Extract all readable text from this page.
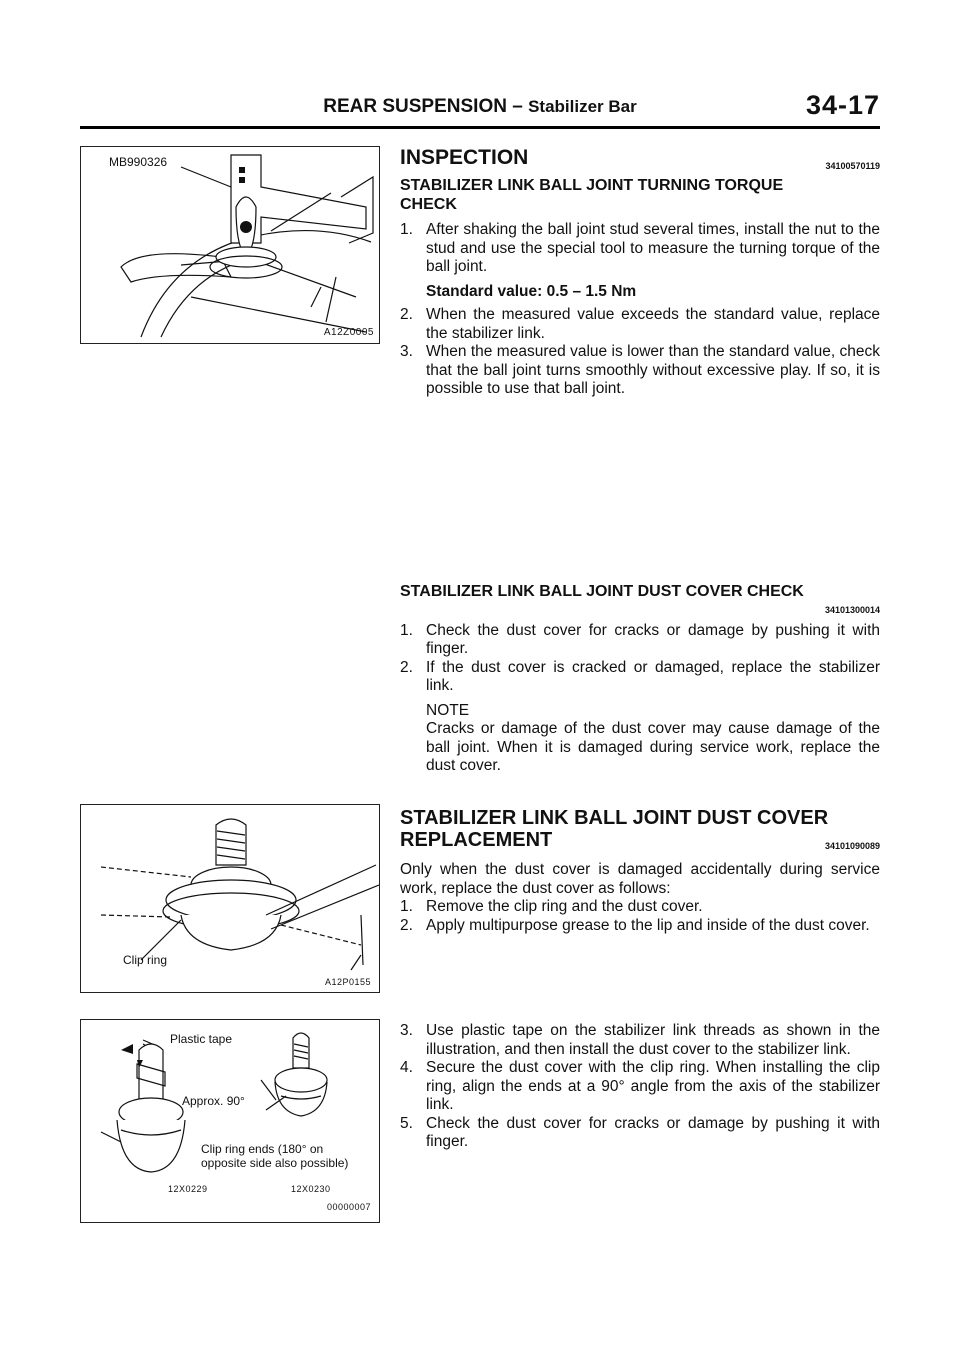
REAR SUSPENSION – Stabilizer Bar	34-17
MB990326
A12Z0005
Clip ring
A12P0155
Plastic tape
Approx. 90°
Clip ring ends (180° on
opposite side also possible)
12X0229	12X0230
00000007
INSPECTION	34100570119
STABILIZER LINK BALL JOINT TURNING TORQUE CHECK
1. After shaking the ball joint stud several times, install the nut to the stud and use the special tool to measure the turning torque of the ball joint.
Standard value: 0.5 – 1.5 Nm
2. When the measured value exceeds the standard value, replace the stabilizer link.
3. When the measured value is lower than the standard value, check that the ball joint turns smoothly without excessive play. If so, it is possible to use that ball joint.
STABILIZER LINK BALL JOINT DUST COVER CHECK
34101300014
1. Check the dust cover for cracks or damage by pushing it with finger.
2. If the dust cover is cracked or damaged, replace the stabilizer link.
NOTE
Cracks or damage of the dust cover may cause damage of the ball joint. When it is damaged during service work, replace the dust cover.
STABILIZER LINK BALL JOINT DUST COVER
REPLACEMENT	34101090089
Only when the dust cover is damaged accidentally during service work, replace the dust cover as follows:
1. Remove the clip ring and the dust cover.
2. Apply multipurpose grease to the lip and inside of the dust cover.
3. Use plastic tape on the stabilizer link threads as shown in the illustration, and then install the dust cover to the stabilizer link.
4. Secure the dust cover with the clip ring. When installing the clip ring, align the ends at a 90° angle from the axis of the stabilizer link.
5. Check the dust cover for cracks or damage by pushing it with finger.
